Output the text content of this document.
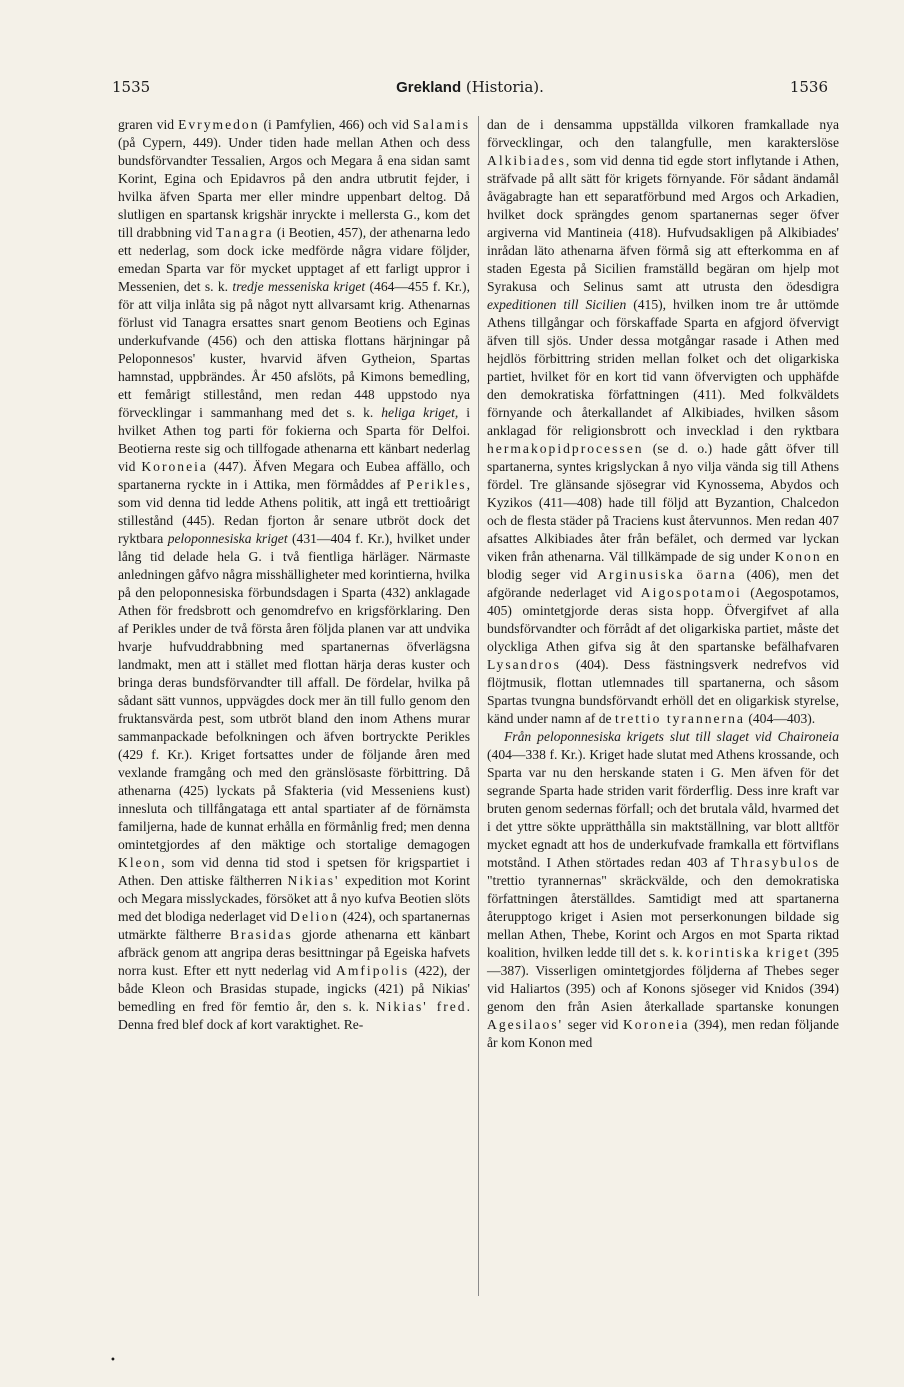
1535	Grekland (Historia).	1536

graren vid Evrymedon (i Pamfylien, 466) och vid Salamis (på Cypern, 449). Under tiden hade mellan Athen och dess bundsförvandter Tessalien, Argos och Megara å ena sidan samt Korint, Egina och Epidavros på den andra utbrutit fejder, i hvilka äfven Sparta mer eller mindre uppenbart deltog. Då slutligen en spartansk krigshär inryckte i mellersta G., kom det till drabbning vid Tanagra (i Beotien, 457), der athenarna ledo ett nederlag, som dock icke medförde några vidare följder, emedan Sparta var för mycket upptaget af ett farligt uppror i Messenien, det s. k. tredje messeniska kriget (464—455 f. Kr.), för att vilja inlåta sig på något nytt allvarsamt krig. Athenarnas förlust vid Tanagra ersattes snart genom Beotiens och Eginas underkufvande (456) och den attiska flottans härjningar på Peloponnesos' kuster, hvarvid äfven Gytheion, Spartas hamnstad, uppbrändes. År 450 afslöts, på Kimons bemedling, ett femårigt stillestånd, men redan 448 uppstodo nya förvecklingar i sammanhang med det s. k. heliga kriget, i hvilket Athen tog parti för fokierna och Sparta för Delfoi. Beotierna reste sig och tillfogade athenarna ett känbart nederlag vid Koroneia (447). Äfven Megara och Eubea affällo, och spartanerna ryckte in i Attika, men förmåddes af Perikles, som vid denna tid ledde Athens politik, att ingå ett trettioårigt stillestånd (445). Redan fjorton år senare utbröt dock det ryktbara peloponnesiska kriget (431—404 f. Kr.), hvilket under lång tid delade hela G. i två fientliga härläger. Närmaste anledningen gåfvo några misshälligheter med korintierna, hvilka på den peloponnesiska förbundsdagen i Sparta (432) anklagade Athen för fredsbrott och genomdrefvo en krigsförklaring. Den af Perikles under de två första åren följda planen var att undvika hvarje hufvuddrabbning med spartanernas öfverlägsna landmakt, men att i stället med flottan härja deras kuster och bringa deras bundsförvandter till affall. De fördelar, hvilka på sådant sätt vunnos, uppvägdes dock mer än till fullo genom den fruktansvärda pest, som utbröt bland den inom Athens murar sammanpackade befolkningen och äfven bortryckte Perikles (429 f. Kr.). Kriget fortsattes under de följande åren med vexlande framgång och med den gränslösaste förbittring. Då athenarna (425) lyckats på Sfakteria (vid Messeniens kust) innesluta och tillfångataga ett antal spartiater af de förnämsta familjerna, hade de kunnat erhålla en förmånlig fred; men denna omintetgjordes af den mäktige och stortalige demagogen Kleon, som vid denna tid stod i spetsen för krigspartiet i Athen. Den attiske fältherren Nikias' expedition mot Korint och Megara misslyckades, försöket att å nyo kufva Beotien slöts med det blodiga nederlaget vid Delion (424), och spartanernas utmärkte fältherre Brasidas gjorde athenarna ett känbart afbräck genom att angripa deras besittningar på Egeiska hafvets norra kust. Efter ett nytt nederlag vid Amfipolis (422), der både Kleon och Brasidas stupade, ingicks (421) på Nikias' bemedling en fred för femtio år, den s. k. Nikias' fred. Denna fred blef dock af kort varaktighet. Re-

dan de i densamma uppställda vilkoren framkallade nya förvecklingar, och den talangfulle, men karakterslöse Alkibiades, som vid denna tid egde stort inflytande i Athen, sträfvade på allt sätt för krigets förnyande. För sådant ändamål åvägabragte han ett separatförbund med Argos och Arkadien, hvilket dock sprängdes genom spartanernas seger öfver argiverna vid Mantineia (418). Hufvudsakligen på Alkibiades' inrådan läto athenarna äfven förmå sig att efterkomma en af staden Egesta på Sicilien framställd begäran om hjelp mot Syrakusa och Selinus samt att utrusta den ödesdigra expeditionen till Sicilien (415), hvilken inom tre år uttömde Athens tillgångar och förskaffade Sparta en afgjord öfvervigt äfven till sjös. Under dessa motgångar rasade i Athen med hejdlös förbittring striden mellan folket och det oligarkiska partiet, hvilket för en kort tid vann öfvervigten och upphäfde den demokratiska författningen (411). Med folkväldets förnyande och återkallandet af Alkibiades, hvilken såsom anklagad för religionsbrott och invecklad i den ryktbara hermakopidprocessen (se d. o.) hade gått öfver till spartanerna, syntes krigslyckan å nyo vilja vända sig till Athens fördel. Tre glänsande sjösegrar vid Kynossema, Abydos och Kyzikos (411—408) hade till följd att Byzantion, Chalcedon och de flesta städer på Traciens kust återvunnos. Men redan 407 afsattes Alkibiades åter från befälet, och dermed var lyckan viken från athenarna. Väl tillkämpade de sig under Konon en blodig seger vid Arginusiska öarna (406), men det afgörande nederlaget vid Aigospotamoi (Aegospotamos, 405) omintetgjorde deras sista hopp. Öfvergifvet af alla bundsförvandter och förrådt af det oligarkiska partiet, måste det olyckliga Athen gifva sig åt den spartanske befälhafvaren Lysandros (404). Dess fästningsverk nedrefvos vid flöjtmusik, flottan utlemnades till spartanerna, och såsom Spartas tvungna bundsförvandt erhöll det en oligarkisk styrelse, känd under namn af de trettio tyrannerna (404—403).

Från peloponnesiska krigets slut till slaget vid Chaironeia (404—338 f. Kr.). Kriget hade slutat med Athens krossande, och Sparta var nu den herskande staten i G. Men äfven för det segrande Sparta hade striden varit förderflig. Dess inre kraft var bruten genom sedernas förfall; och det brutala våld, hvarmed det i det yttre sökte upprätthålla sin maktställning, var blott alltför mycket egnadt att hos de underkufvade framkalla ett förtviflans motstånd. I Athen störtades redan 403 af Thrasybulos de "trettio tyrannernas" skräckvälde, och den demokratiska författningen återställdes. Samtidigt med att spartanerna återupptogo kriget i Asien mot perserkonungen bildade sig mellan Athen, Thebe, Korint och Argos en mot Sparta riktad koalition, hvilken ledde till det s. k. korintiska kriget (395—387). Visserligen omintetgjordes följderna af Thebes seger vid Haliartos (395) och af Konons sjöseger vid Knidos (394) genom den från Asien återkallade spartanske konungen Agesilaos' seger vid Koroneia (394), men redan följande år kom Konon med

•
